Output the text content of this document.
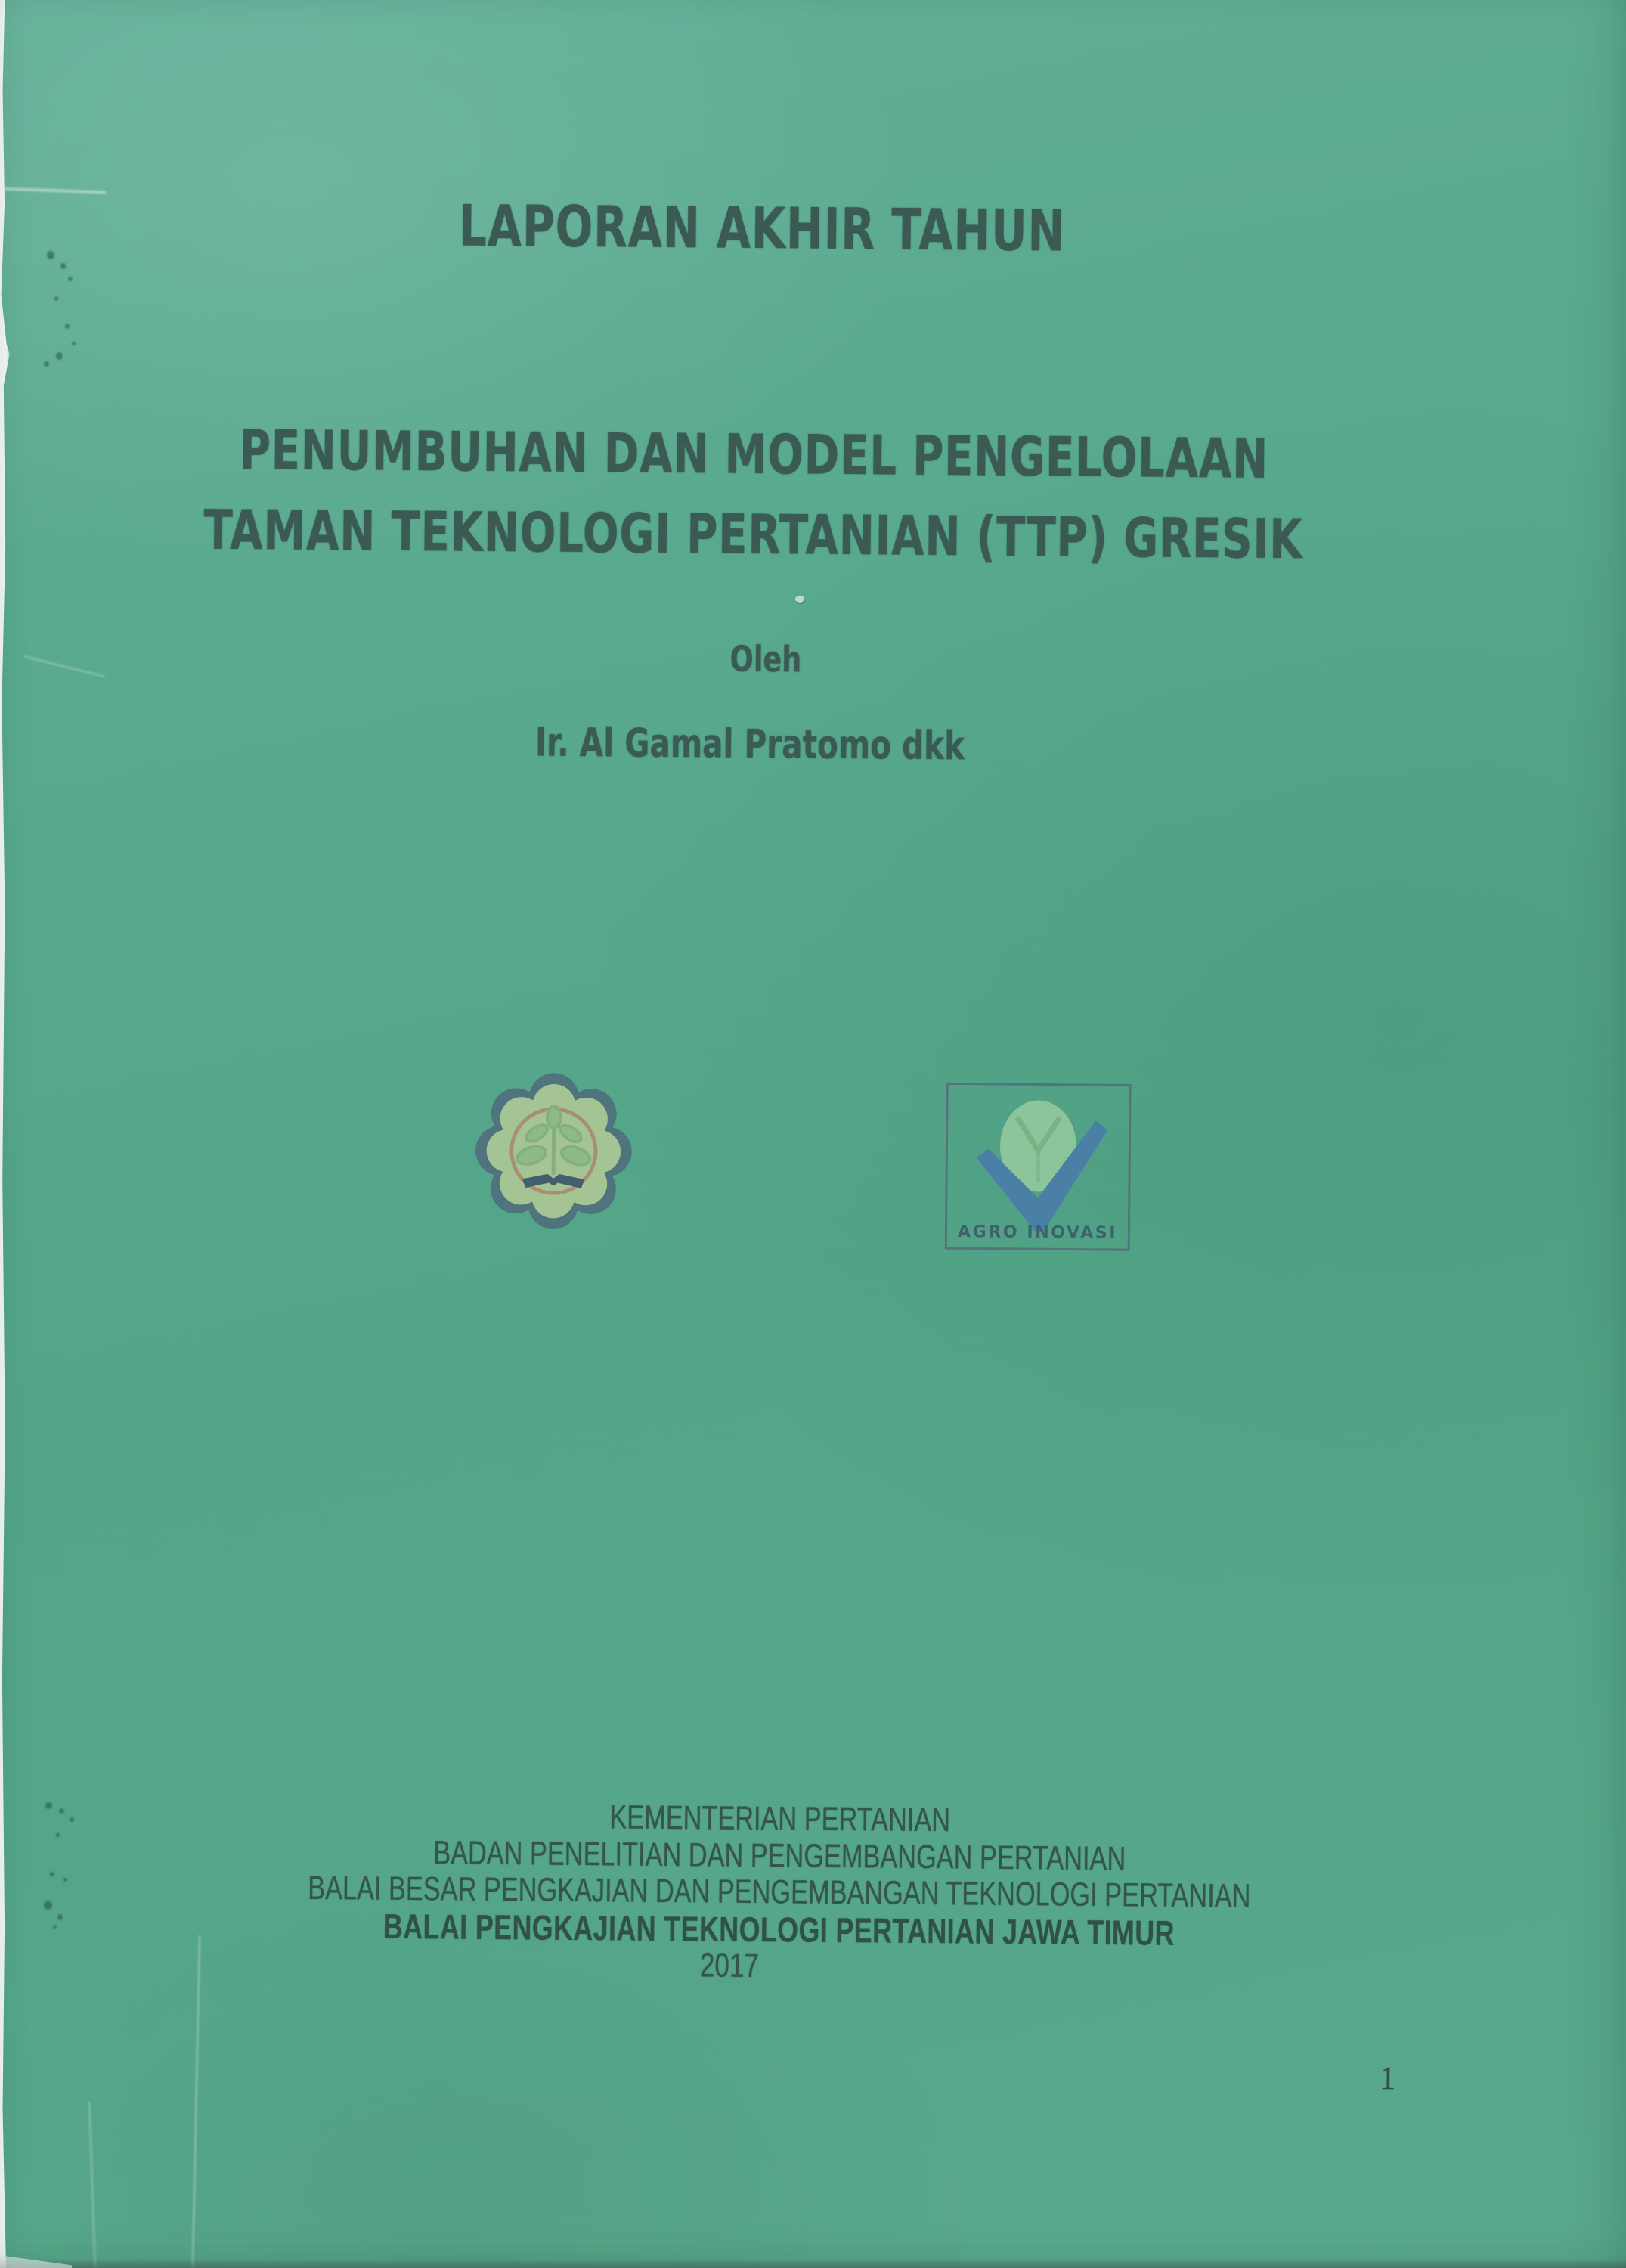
LAPORAN AKHIR TAHUN
PENUMBUHAN DAN MODEL PENGELOLAAN
TAMAN TEKNOLOGI PERTANIAN (TTP) GRESIK
Oleh
Ir. Al Gamal Pratomo dkk
AGRO INOVASI
KEMENTERIAN PERTANIAN
BADAN PENELITIAN DAN PENGEMBANGAN PERTANIAN
BALAI BESAR PENGKAJIAN DAN PENGEMBANGAN TEKNOLOGI PERTANIAN
BALAI PENGKAJIAN TEKNOLOGI PERTANIAN JAWA TIMUR
2017
1
